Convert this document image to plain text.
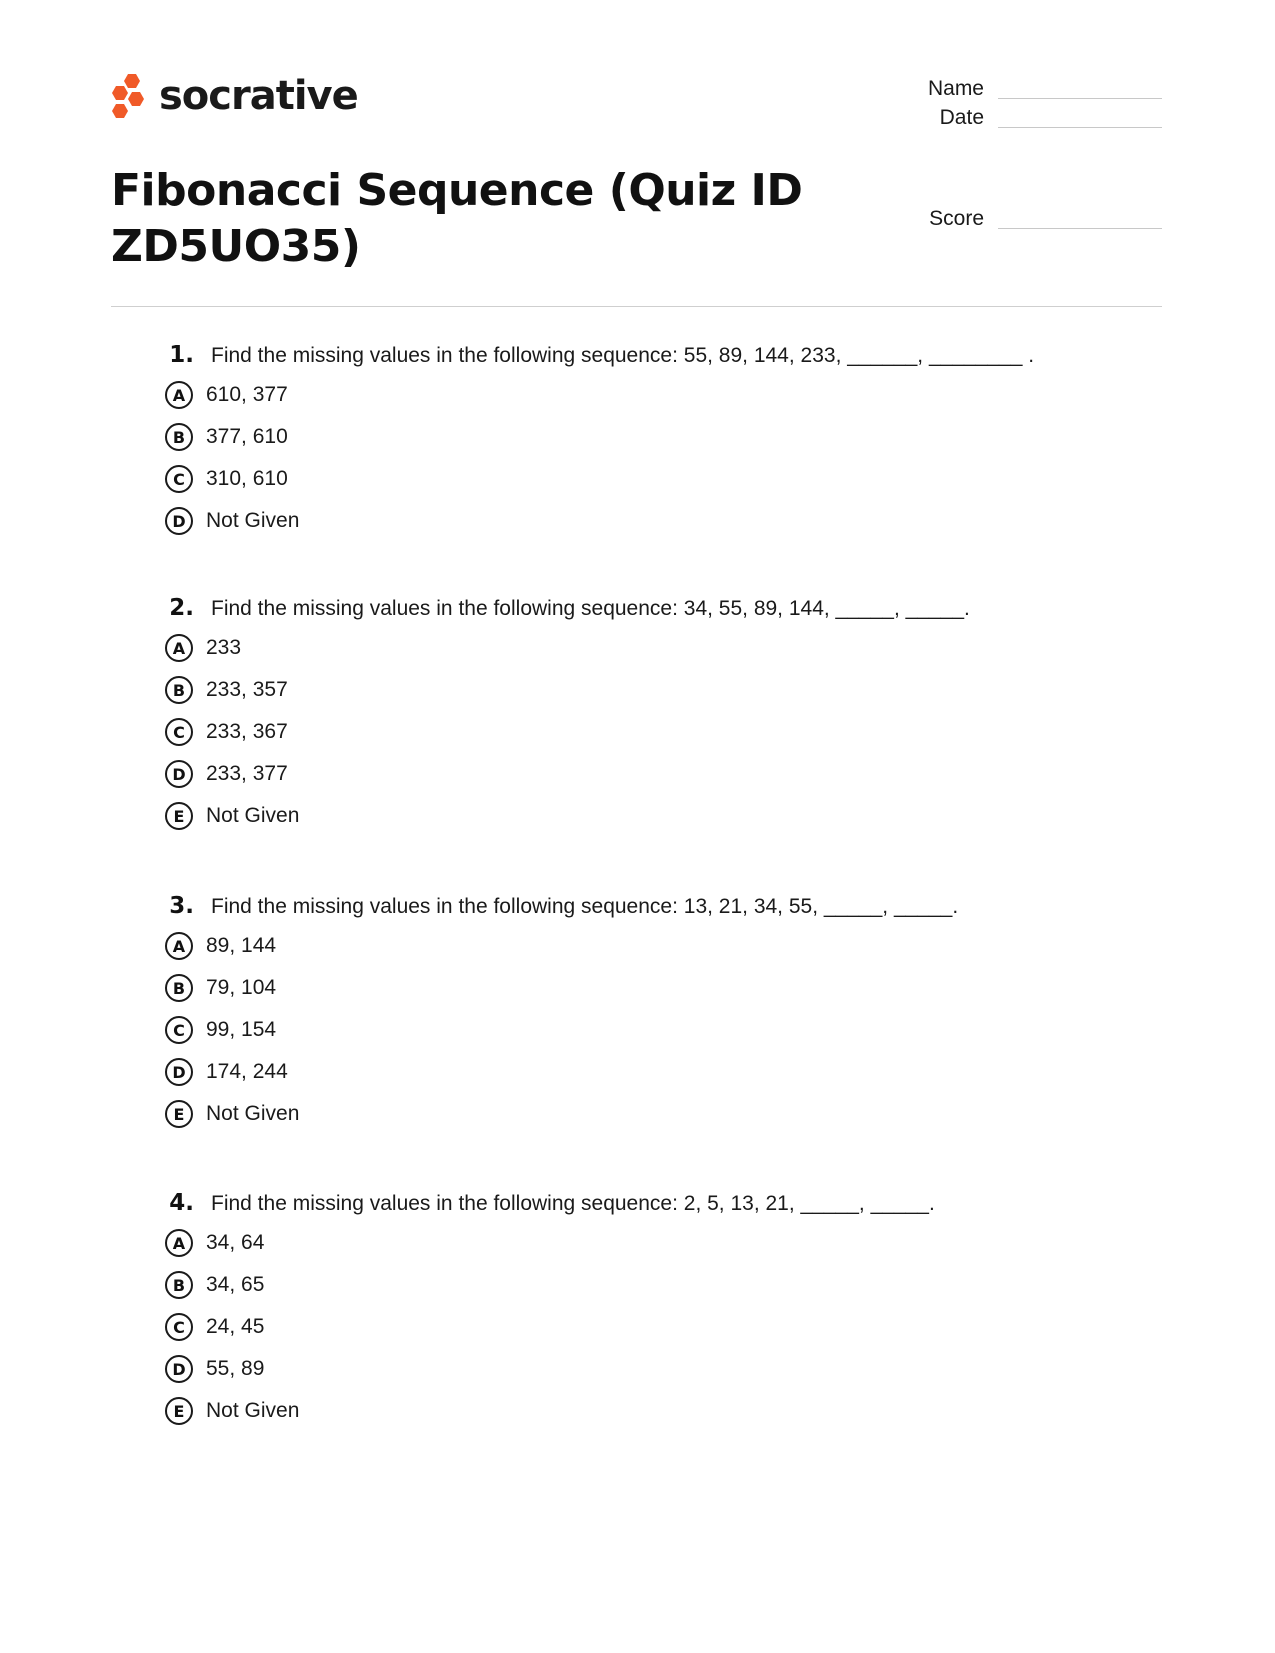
socrative	Name
Date
Score
Fibonacci Sequence (Quiz ID ZD5UO35)
1. Find the missing values in the following sequence: 55, 89, 144, 233, ______, ________ .
A 610, 377
B 377, 610
C	310, 610
D Not Given
2. Find the missing values in the following sequence: 34, 55, 89, 144, _____, _____.
A 233
B 233, 357
C	233, 367
D 233, 377
E	Not Given
3. Find the missing values in the following sequence: 13, 21, 34, 55, _____, _____.
A 89, 144
B 79, 104
C	99, 154
D 174, 244
E	Not Given
4. Find the missing values in the following sequence: 2, 5, 13, 21, _____, _____.
A 34, 64
B 34, 65
C	24, 45
D 55, 89
E	Not Given
